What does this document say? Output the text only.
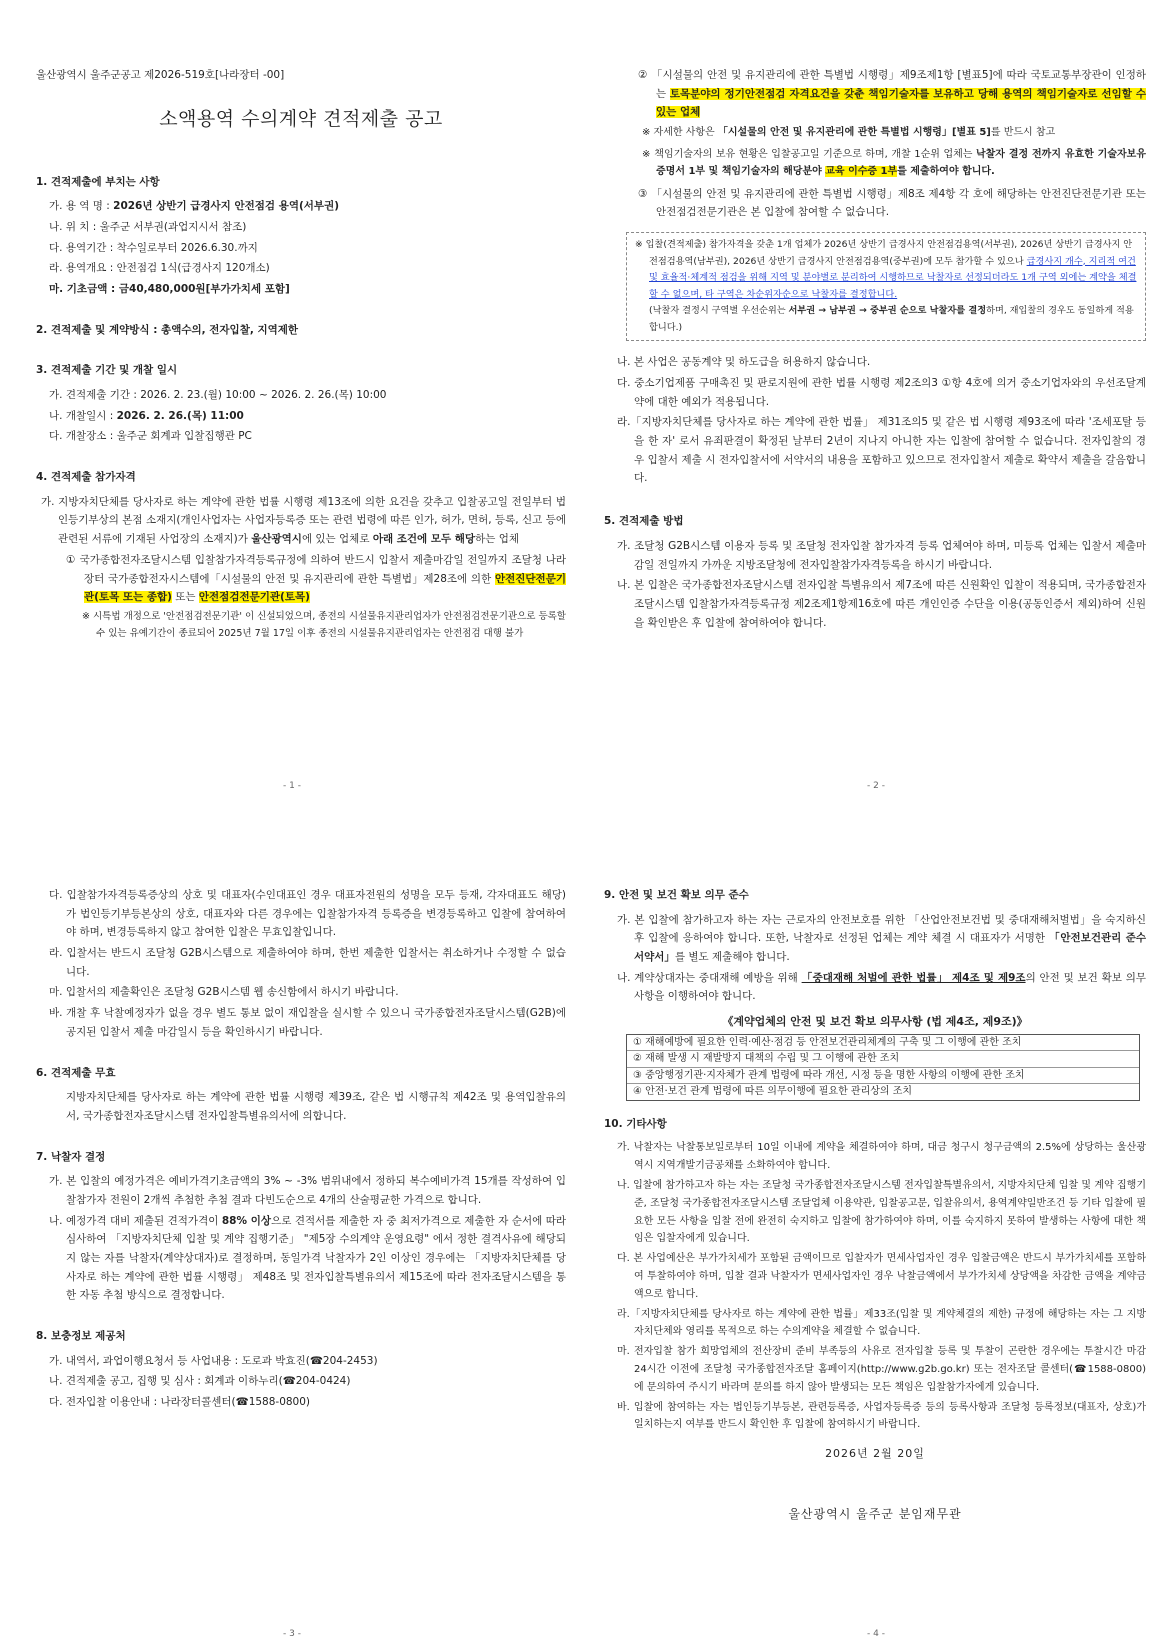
울산광역시 울주군공고 제2026-519호[나라장터 -00]
소액용역 수의계약 견적제출 공고
1. 견적제출에 부치는 사항
가. 용 역 명 : 2026년 상반기 급경사지 안전점검 용역(서부권)
나. 위 치 : 울주군 서부권(과업지시서 참조)
다. 용역기간 : 착수일로부터 2026.6.30.까지
라. 용역개요 : 안전점검 1식(급경사지 120개소)
마. 기초금액 : 금40,480,000원[부가가치세 포함]
2. 견적제출 및 계약방식 : 총액수의, 전자입찰, 지역제한
3. 견적제출 기간 및 개찰 일시
가. 견적제출 기간 : 2026. 2. 23.(월) 10:00 ~ 2026. 2. 26.(목) 10:00
나. 개찰일시 : 2026. 2. 26.(목) 11:00
다. 개찰장소 : 울주군 회계과 입찰집행관 PC
4. 견적제출 참가자격
가. 지방자치단체를 당사자로 하는 계약에 관한 법률 시행령 제13조에 의한 요건을 갖추고 입찰공고일 전일부터 법인등기부상의 본점 소재지(개인사업자는 사업자등록증 또는 관련 법령에 따른 인가, 허가, 면허, 등록, 신고 등에 관련된 서류에 기재된 사업장의 소재지)가 울산광역시에 있는 업체로 아래 조건에 모두 해당하는 업체
① 국가종합전자조달시스템 입찰참가자격등록규정에 의하여 반드시 입찰서 제출마감일 전일까지 조달청 나라장터 국가종합전자시스템에「시설물의 안전 및 유지관리에 관한 특별법」제28조에 의한 안전진단전문기관(토목 또는 종합) 또는 안전점검전문기관(토목)
※ 시특법 개정으로 '안전점검전문기관' 이 신설되었으며, 종전의 시설물유지관리업자가 안전점검전문기관으로 등록할 수 있는 유예기간이 종료되어 2025년 7월 17일 이후 종전의 시설물유지관리업자는 안전점검 대행 불가
- 1 -
② 「시설물의 안전 및 유지관리에 관한 특별법 시행령」제9조제1항 [별표5]에 따라 국토교통부장관이 인정하는 토목분야의 정기안전점검 자격요건을 갖춘 책임기술자를 보유하고 당해 용역의 책임기술자로 선임할 수 있는 업체
※ 자세한 사항은 「시설물의 안전 및 유지관리에 관한 특별법 시행령」[별표 5]를 반드시 참고
※ 책임기술자의 보유 현황은 입찰공고일 기준으로 하며, 개찰 1순위 업체는 낙찰자 결정 전까지 유효한 기술자보유증명서 1부 및 책임기술자의 해당분야 교육 이수증 1부를 제출하여야 합니다.
③ 「시설물의 안전 및 유지관리에 관한 특별법 시행령」제8조 제4항 각 호에 해당하는 안전진단전문기관 또는 안전점검전문기관은 본 입찰에 참여할 수 없습니다.
※ 입찰(견적제출) 참가자격을 갖춘 1개 업체가 2026년 상반기 급경사지 안전점검용역(서부권), 2026년 상반기 급경사지 안전점검용역(남부권), 2026년 상반기 급경사지 안전점검용역(중부권)에 모두 참가할 수 있으나 급경사지 개수, 지리적 여건 및 효율적·체계적 점검을 위해 지역 및 분야별로 분리하여 시행하므로 낙찰자로 선정되더라도 1개 구역 외에는 계약을 체결할 수 없으며, 타 구역은 차순위자순으로 낙찰자를 결정합니다.
(낙찰자 결정시 구역별 우선순위는 서부권 → 남부권 → 중부권 순으로 낙찰자를 결정하며, 재입찰의 경우도 동일하게 적용합니다.)
나. 본 사업은 공동계약 및 하도급을 허용하지 않습니다.
다. 중소기업제품 구매촉진 및 판로지원에 관한 법률 시행령 제2조의3 ①항 4호에 의거 중소기업자와의 우선조달계약에 대한 예외가 적용됩니다.
라.「지방자치단체를 당사자로 하는 계약에 관한 법률」 제31조의5 및 같은 법 시행령 제93조에 따라 '조세포탈 등을 한 자' 로서 유죄판결이 확정된 날부터 2년이 지나지 아니한 자는 입찰에 참여할 수 없습니다. 전자입찰의 경우 입찰서 제출 시 전자입찰서에 서약서의 내용을 포함하고 있으므로 전자입찰서 제출로 확약서 제출을 갈음합니다.
5. 견적제출 방법
가. 조달청 G2B시스템 이용자 등록 및 조달청 전자입찰 참가자격 등록 업체여야 하며, 미등록 업체는 입찰서 제출마감일 전일까지 가까운 지방조달청에 전자입찰참가자격등록을 하시기 바랍니다.
나. 본 입찰은 국가종합전자조달시스템 전자입찰 특별유의서 제7조에 따른 신원확인 입찰이 적용되며, 국가종합전자조달시스템 입찰참가자격등록규정 제2조제1항제16호에 따른 개인인증 수단을 이용(공동인증서 제외)하여 신원을 확인받은 후 입찰에 참여하여야 합니다.
- 2 -
다. 입찰참가자격등록증상의 상호 및 대표자(수인대표인 경우 대표자전원의 성명을 모두 등재, 각자대표도 해당)가 법인등기부등본상의 상호, 대표자와 다른 경우에는 입찰참가자격 등록증을 변경등록하고 입찰에 참여하여야 하며, 변경등록하지 않고 참여한 입찰은 무효입찰입니다.
라. 입찰서는 반드시 조달청 G2B시스템으로 제출하여야 하며, 한번 제출한 입찰서는 취소하거나 수정할 수 없습니다.
마. 입찰서의 제출확인은 조달청 G2B시스템 웹 송신함에서 하시기 바랍니다.
바. 개찰 후 낙찰예정자가 없을 경우 별도 통보 없이 재입찰을 실시할 수 있으니 국가종합전자조달시스템(G2B)에 공지된 입찰서 제출 마감일시 등을 확인하시기 바랍니다.
6. 견적제출 무효
지방자치단체를 당사자로 하는 계약에 관한 법률 시행령 제39조, 같은 법 시행규칙 제42조 및 용역입찰유의서, 국가종합전자조달시스템 전자입찰특별유의서에 의합니다.
7. 낙찰자 결정
가. 본 입찰의 예정가격은 예비가격기초금액의 3% ~ -3% 범위내에서 정하되 복수예비가격 15개를 작성하여 입찰참가자 전원이 2개씩 추첨한 추첨 결과 다빈도순으로 4개의 산술평균한 가격으로 합니다.
나. 예정가격 대비 제출된 견적가격이 88% 이상으로 견적서를 제출한 자 중 최저가격으로 제출한 자 순서에 따라 심사하여 「지방자치단체 입찰 및 계약 집행기준」 "제5장 수의계약 운영요령" 에서 정한 결격사유에 해당되지 않는 자를 낙찰자(계약상대자)로 결정하며, 동일가격 낙찰자가 2인 이상인 경우에는 「지방자치단체를 당사자로 하는 계약에 관한 법률 시행령」 제48조 및 전자입찰특별유의서 제15조에 따라 전자조달시스템을 통한 자동 추첨 방식으로 결정합니다.
8. 보충정보 제공처
가. 내역서, 과업이행요청서 등 사업내용 : 도로과 박효진(☎204-2453)
나. 견적제출 공고, 집행 및 심사 : 회계과 이하누리(☎204-0424)
다. 전자입찰 이용안내 : 나라장터콜센터(☎1588-0800)
- 3 -
9. 안전 및 보건 확보 의무 준수
가. 본 입찰에 참가하고자 하는 자는 근로자의 안전보호를 위한 「산업안전보건법 및 중대재해처벌법」을 숙지하신 후 입찰에 응하여야 합니다. 또한, 낙찰자로 선정된 업체는 계약 체결 시 대표자가 서명한 「안전보건관리 준수 서약서」를 별도 제출해야 합니다.
나. 계약상대자는 중대재해 예방을 위해 「중대재해 처벌에 관한 법률」 제4조 및 제9조의 안전 및 보건 확보 의무사항을 이행하여야 합니다.
《계약업체의 안전 및 보건 확보 의무사항 (법 제4조, 제9조)》
① 재해예방에 필요한 인력·예산·점검 등 안전보건관리체계의 구축 및 그 이행에 관한 조치
② 재해 발생 시 재발방지 대책의 수립 및 그 이행에 관한 조치
③ 중앙행정기관·지자체가 관계 법령에 따라 개선, 시정 등을 명한 사항의 이행에 관한 조치
④ 안전·보건 관계 법령에 따른 의무이행에 필요한 관리상의 조치
10. 기타사항
가. 낙찰자는 낙찰통보일로부터 10일 이내에 계약을 체결하여야 하며, 대금 청구시 청구금액의 2.5%에 상당하는 울산광역시 지역개발기금공채를 소화하여야 합니다.
나. 입찰에 참가하고자 하는 자는 조달청 국가종합전자조달시스템 전자입찰특별유의서, 지방자치단체 입찰 및 계약 집행기준, 조달청 국가종합전자조달시스템 조달업체 이용약관, 입찰공고문, 입찰유의서, 용역계약일반조건 등 기타 입찰에 필요한 모든 사항을 입찰 전에 완전히 숙지하고 입찰에 참가하여야 하며, 이를 숙지하지 못하여 발생하는 사항에 대한 책임은 입찰자에게 있습니다.
다. 본 사업예산은 부가가치세가 포함된 금액이므로 입찰자가 면세사업자인 경우 입찰금액은 반드시 부가가치세를 포함하여 투찰하여야 하며, 입찰 결과 낙찰자가 면세사업자인 경우 낙찰금액에서 부가가치세 상당액을 차감한 금액을 계약금액으로 합니다.
라.「지방자치단체를 당사자로 하는 계약에 관한 법률」제33조(입찰 및 계약체결의 제한) 규정에 해당하는 자는 그 지방자치단체와 영리를 목적으로 하는 수의계약을 체결할 수 없습니다.
마. 전자입찰 참가 희망업체의 전산장비 준비 부족등의 사유로 전자입찰 등록 및 투찰이 곤란한 경우에는 투찰시간 마감 24시간 이전에 조달청 국가종합전자조달 홈페이지(http://www.g2b.go.kr) 또는 전자조달 콜센터(☎1588-0800)에 문의하여 주시기 바라며 문의를 하지 않아 발생되는 모든 책임은 입찰참가자에게 있습니다.
바. 입찰에 참여하는 자는 법인등기부등본, 관련등록증, 사업자등록증 등의 등록사항과 조달청 등록정보(대표자, 상호)가 일치하는지 여부를 반드시 확인한 후 입찰에 참여하시기 바랍니다.
2026년 2월 20일
울산광역시 울주군 분임재무관
- 4 -
